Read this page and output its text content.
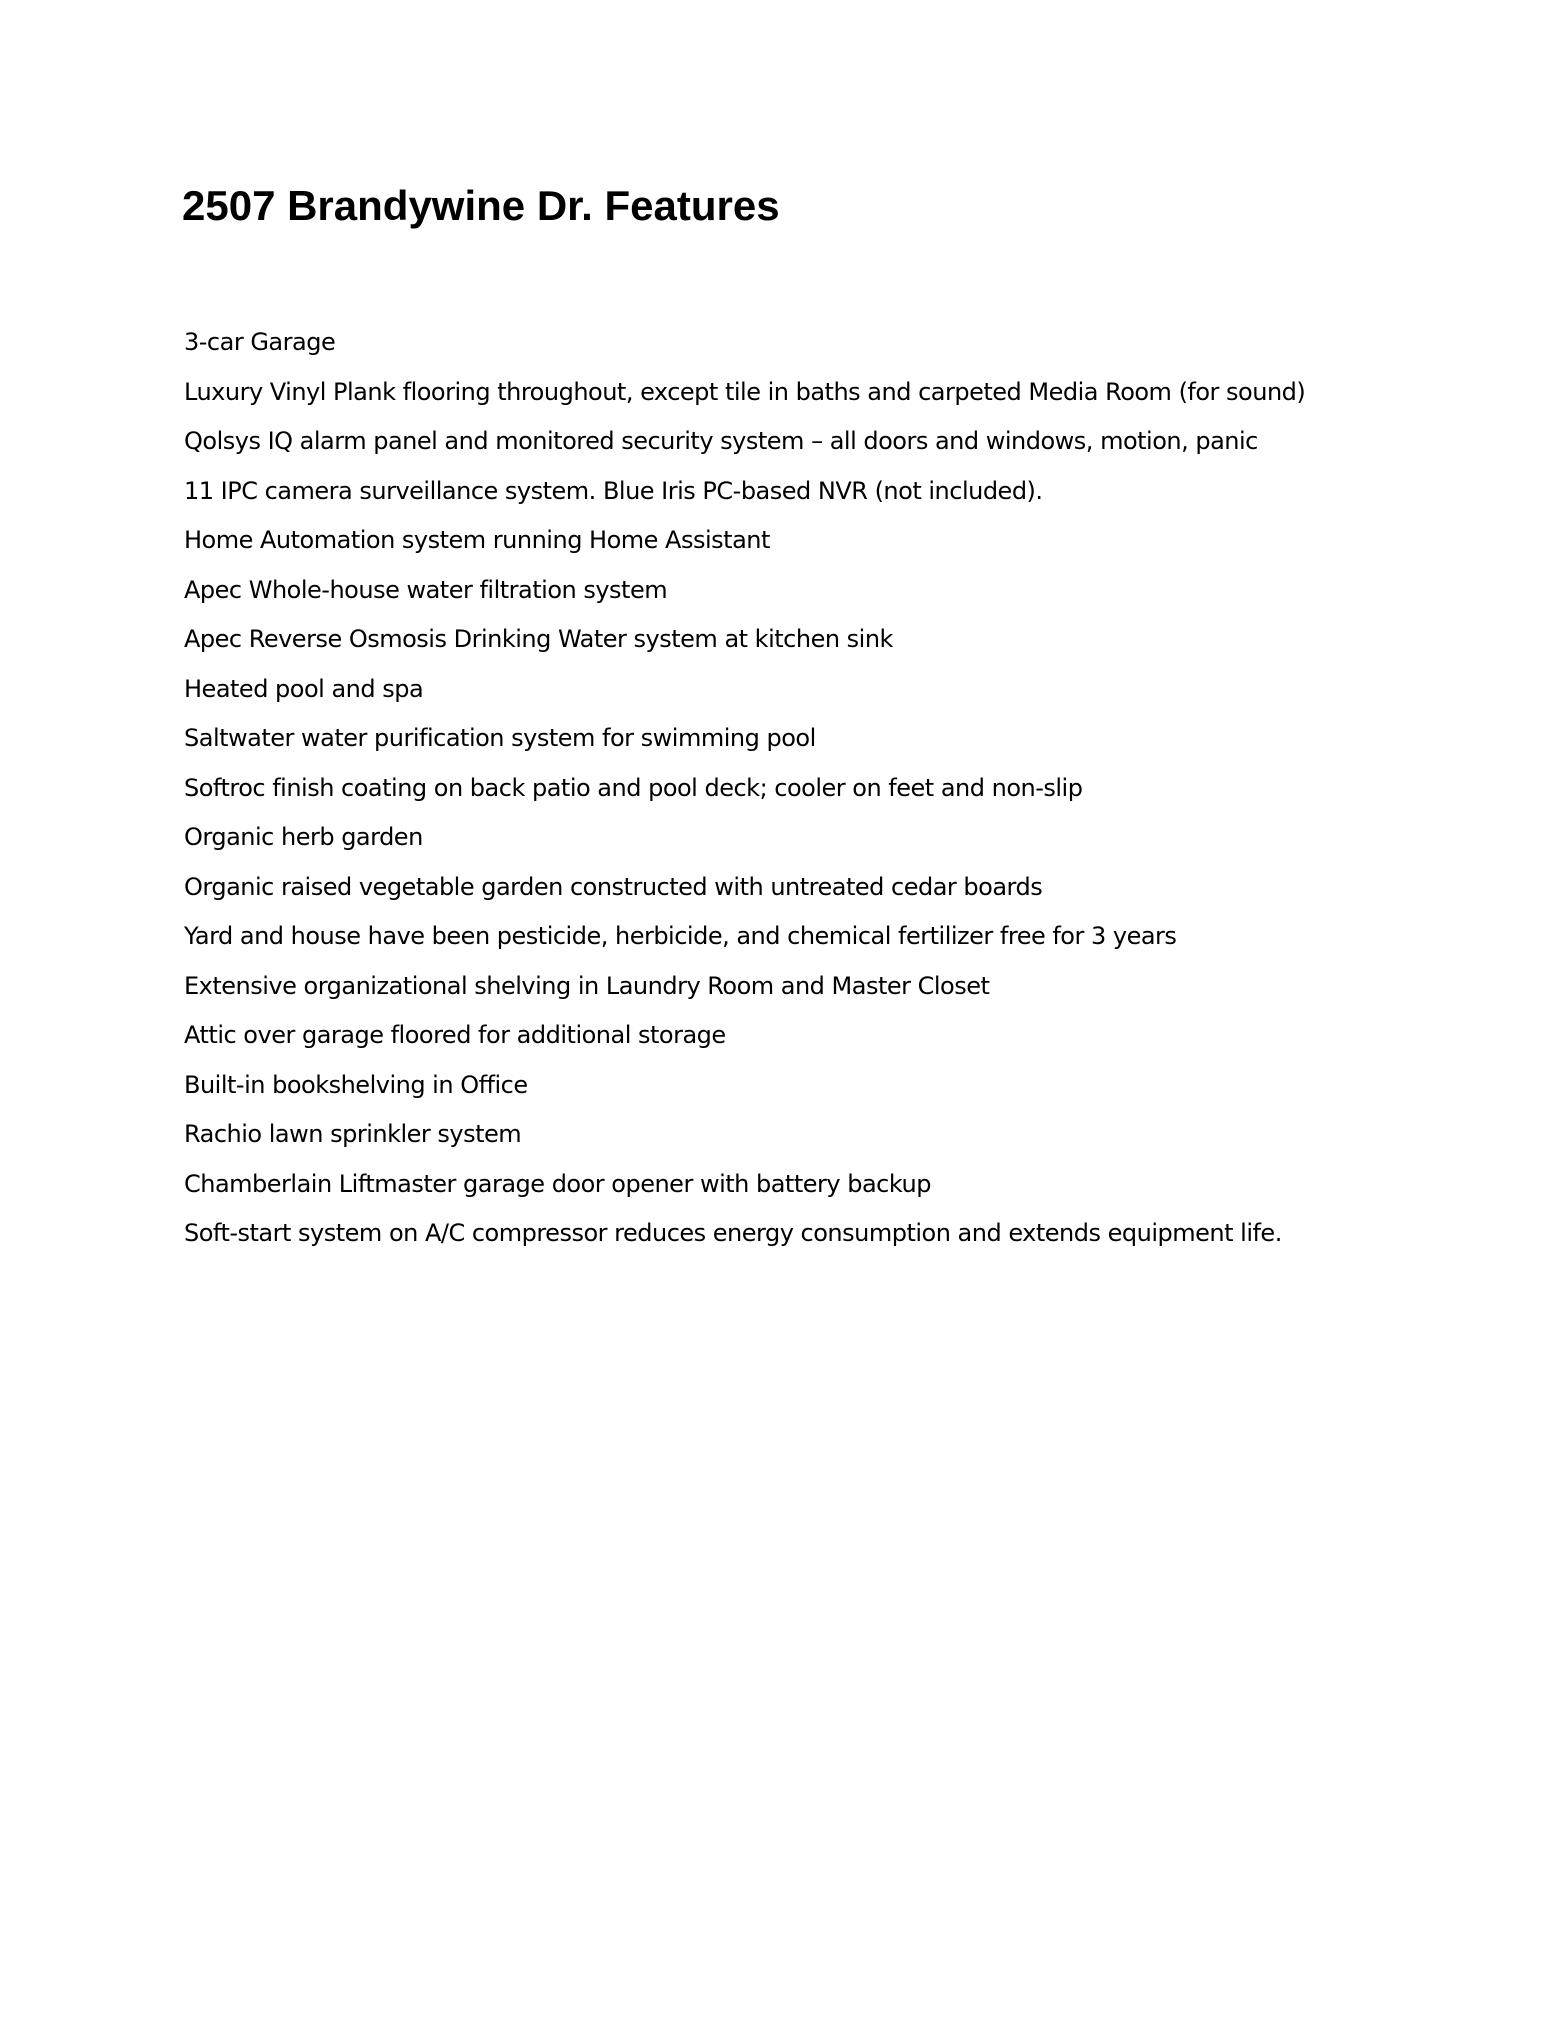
2507 Brandywine Dr. Features
3-car Garage
Luxury Vinyl Plank flooring throughout, except tile in baths and carpeted Media Room (for sound)
Qolsys IQ alarm panel and monitored security system – all doors and windows, motion, panic
11 IPC camera surveillance system. Blue Iris PC-based NVR (not included).
Home Automation system running Home Assistant
Apec Whole-house water filtration system
Apec Reverse Osmosis Drinking Water system at kitchen sink
Heated pool and spa
Saltwater water purification system for swimming pool
Softroc finish coating on back patio and pool deck; cooler on feet and non-slip
Organic herb garden
Organic raised vegetable garden constructed with untreated cedar boards
Yard and house have been pesticide, herbicide, and chemical fertilizer free for 3 years
Extensive organizational shelving in Laundry Room and Master Closet
Attic over garage floored for additional storage
Built-in bookshelving in Office
Rachio lawn sprinkler system
Chamberlain Liftmaster garage door opener with battery backup
Soft-start system on A/C compressor reduces energy consumption and extends equipment life.
